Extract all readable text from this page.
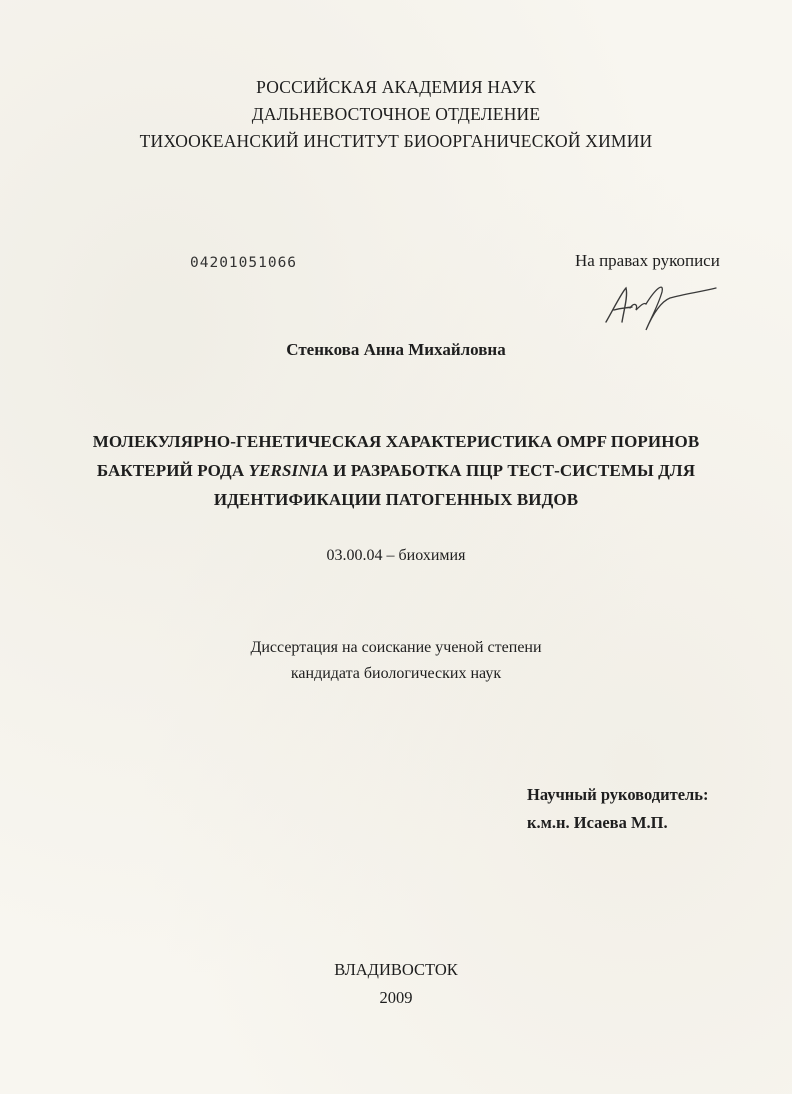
РОССИЙСКАЯ АКАДЕМИЯ НАУК
ДАЛЬНЕВОСТОЧНОЕ ОТДЕЛЕНИЕ
ТИХООКЕАНСКИЙ ИНСТИТУТ БИООРГАНИЧЕСКОЙ ХИМИИ
04201051066	На правах рукописи
Стенкова Анна Михайловна
МОЛЕКУЛЯРНО-ГЕНЕТИЧЕСКАЯ ХАРАКТЕРИСТИКА OMPF ПОРИНОВ
БАКТЕРИЙ РОДА YERSINIA И РАЗРАБОТКА ПЦР ТЕСТ-СИСТЕМЫ ДЛЯ
ИДЕНТИФИКАЦИИ ПАТОГЕННЫХ ВИДОВ
03.00.04 – биохимия
Диссертация на соискание ученой степени
кандидата биологических наук
Научный руководитель:
к.м.н. Исаева М.П.
ВЛАДИВОСТОК
2009
